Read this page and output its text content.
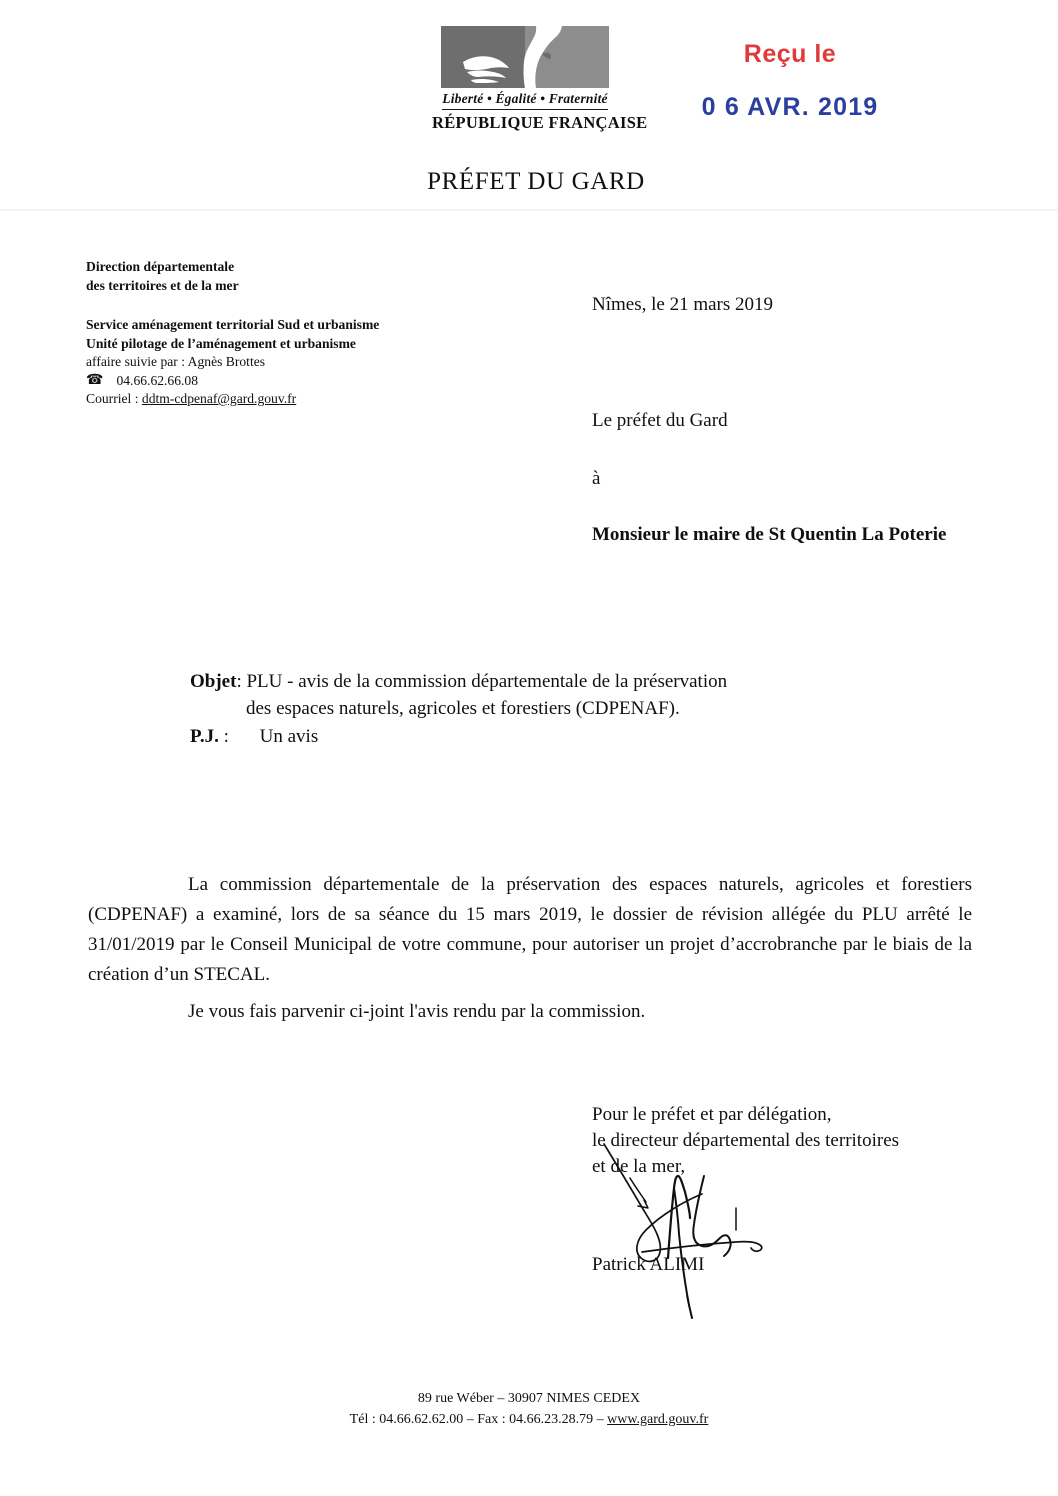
Liberté • Égalité • Fraternité
RÉPUBLIQUE FRANÇAISE
Reçu le
0 6 AVR. 2019
PRÉFET DU GARD
Direction départementale
des territoires et de la mer
Service aménagement territorial Sud et urbanisme
Unité pilotage de l’aménagement et urbanisme
affaire suivie par : Agnès Brottes
☎ 04.66.62.66.08
Courriel : ddtm-cdpenaf@gard.gouv.fr
Nîmes, le 21 mars 2019
Le préfet du Gard
à
Monsieur le maire de St Quentin La Poterie
Objet: PLU - avis de la commission départementale de la préservation
des espaces naturels, agricoles et forestiers (CDPENAF).
P.J. : Un avis
La commission départementale de la préservation des espaces naturels, agricoles et forestiers (CDPENAF) a examiné, lors de sa séance du 15 mars 2019, le dossier de révision allégée du PLU arrêté le 31/01/2019 par le Conseil Municipal de votre commune, pour autoriser un projet d’accrobranche par le biais de la création d’un STECAL.
Je vous fais parvenir ci-joint l'avis rendu par la commission.
Pour le préfet et par délégation,
le directeur départemental des territoires
et de la mer,
Patrick ALIMI
89 rue Wéber – 30907 NIMES CEDEX
Tél : 04.66.62.62.00 – Fax : 04.66.23.28.79 – www.gard.gouv.fr
